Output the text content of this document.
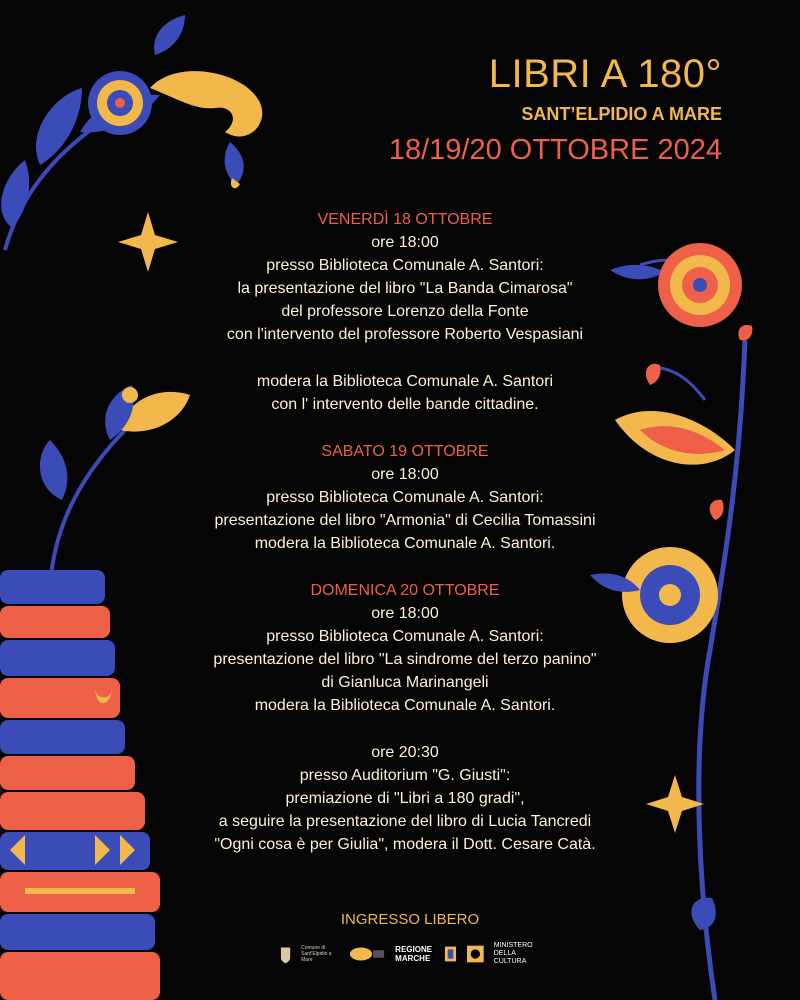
LIBRI A 180°
SANT’ELPIDIO A MARE
18/19/20 OTTOBRE 2024
VENERDÌ 18 OTTOBRE
ore 18:00
presso Biblioteca Comunale A. Santori:
la presentazione del libro "La Banda Cimarosa"
del professore Lorenzo della Fonte
con l'intervento del professore Roberto Vespasiani
modera la Biblioteca Comunale A. Santori
con l' intervento delle bande cittadine.
SABATO 19 OTTOBRE
ore 18:00
presso Biblioteca Comunale A. Santori:
presentazione del libro "Armonia" di Cecilia Tomassini
modera la Biblioteca Comunale A. Santori.
DOMENICA 20 OTTOBRE
ore 18:00
presso Biblioteca Comunale A. Santori:
presentazione del libro "La sindrome del terzo panino"
di Gianluca Marinangeli
modera la Biblioteca Comunale A. Santori.
ore 20:30
presso Auditorium "G. Giusti":
premiazione di "Libri a 180 gradi",
a seguire la presentazione del libro di Lucia Tancredi
"Ogni cosa è per Giulia", modera il Dott. Cesare Catà.
INGRESSO LIBERO
Comune di Sant'Elpidio a Mare
REGIONE MARCHE
MINISTERO DELLA CULTURA
